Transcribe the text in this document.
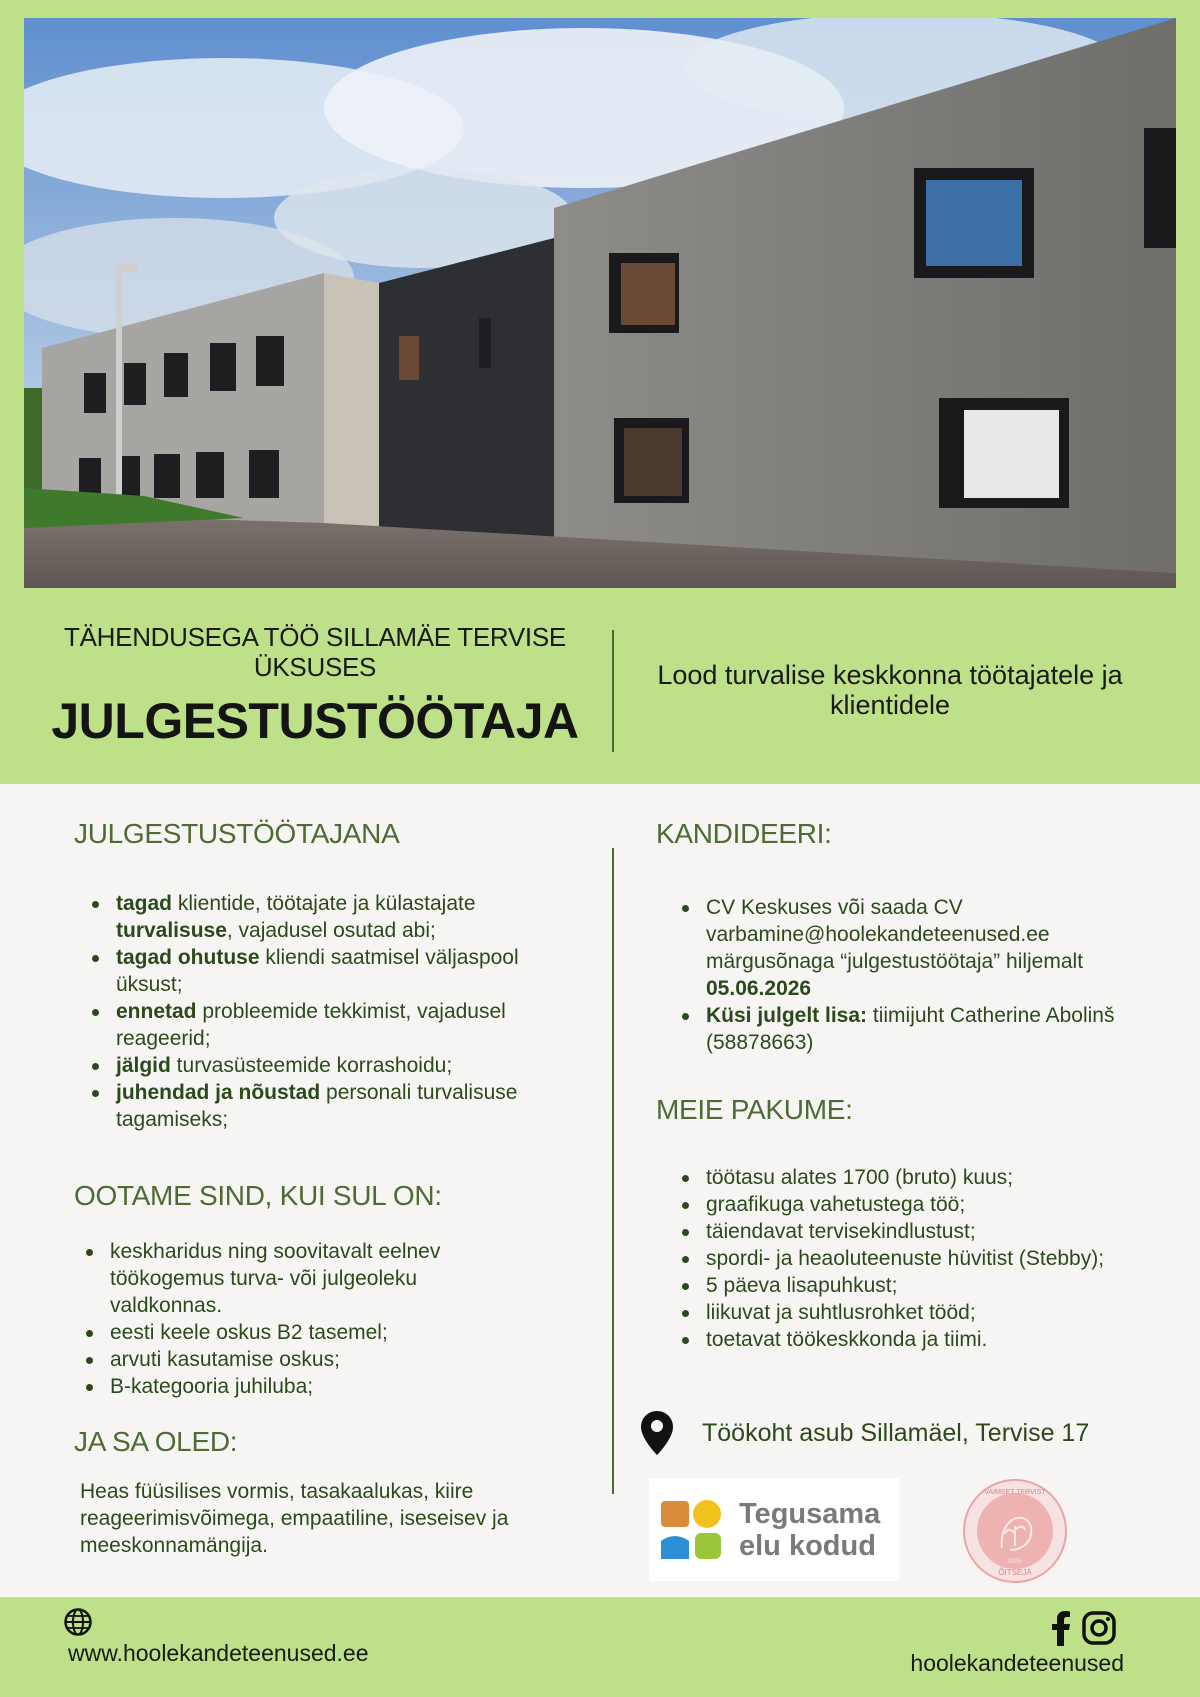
TÄHENDUSEGA TÖÖ SILLAMÄE TERVISE ÜKSUSES
JULGESTUSTÖÖTAJA
Lood turvalise keskkonna töötajatele ja klientidele
JULGESTUSTÖÖTAJANA
tagad klientide, töötajate ja külastajate turvalisuse, vajadusel osutad abi;
tagad ohutuse kliendi saatmisel väljaspool üksust;
ennetad probleemide tekkimist, vajadusel reageerid;
jälgid turvasüsteemide korrashoidu;
juhendad ja nõustad personali turvalisuse tagamiseks;
OOTAME SIND, KUI SUL ON:
keskharidus ning soovitavalt eelnev töökogemus turva- või julgeoleku valdkonnas.
eesti keele oskus B2 tasemel;
arvuti kasutamise oskus;
B-kategooria juhiluba;
JA SA OLED:
Heas füüsilises vormis, tasakaalukas, kiire reageerimisvõimega, empaatiline, iseseisev ja meeskonnamängija.
KANDIDEERI:
CV Keskuses või saada CV varbamine@hoolekandeteenused.ee märgusõnaga “julgestustöötaja” hiljemalt 05.06.2026
Küsi julgelt lisa: tiimijuht Catherine Abolinš (58878663)
MEIE PAKUME:
töötasu alates 1700 (bruto) kuus;
graafikuga vahetustega töö;
täiendavat tervisekindlustust;
spordi- ja heaoluteenuste hüvitist (Stebby);
5 päeva lisapuhkust;
liikuvat ja suhtlusrohket tööd;
toetavat töökeskkonda ja tiimi.
Töökoht asub Sillamäel, Tervise 17
Tegusama
elu kodud
VAIMSET TERVIST
2025
ÕITSEJA
www.hoolekandeteenused.ee	hoolekandeteenused
